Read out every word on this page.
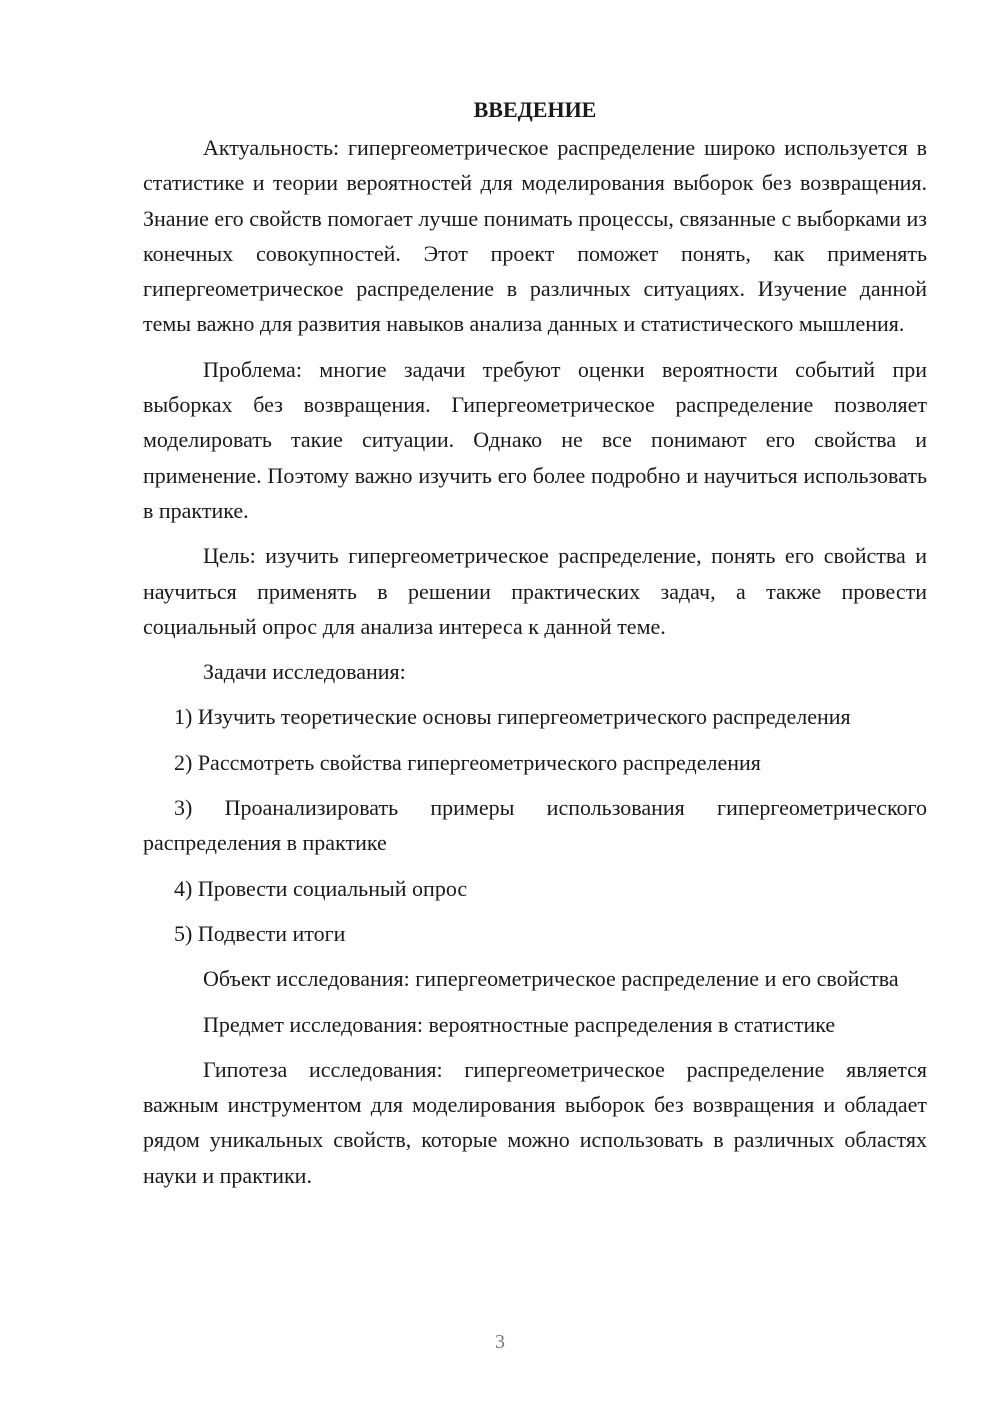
ВВЕДЕНИЕ

Актуальность: гипергеометрическое распределение широко используется в статистике и теории вероятностей для моделирования выборок без возвращения. Знание его свойств помогает лучше понимать процессы, связанные с выборками из конечных совокупностей. Этот проект поможет понять, как применять гипергеометрическое распределение в различных ситуациях. Изучение данной темы важно для развития навыков анализа данных и статистического мышления.

Проблема: многие задачи требуют оценки вероятности событий при выборках без возвращения. Гипергеометрическое распределение позволяет моделировать такие ситуации. Однако не все понимают его свойства и применение. Поэтому важно изучить его более подробно и научиться использовать в практике.

Цель: изучить гипергеометрическое распределение, понять его свойства и научиться применять в решении практических задач, а также провести социальный опрос для анализа интереса к данной теме.

Задачи исследования:

1) Изучить теоретические основы гипергеометрического распределения

2) Рассмотреть свойства гипергеометрического распределения

3) Проанализировать примеры использования гипергеометрического распределения в практике

4) Провести социальный опрос

5) Подвести итоги

Объект исследования: гипергеометрическое распределение и его свойства

Предмет исследования: вероятностные распределения в статистике

Гипотеза исследования: гипергеометрическое распределение является важным инструментом для моделирования выборок без возвращения и обладает рядом уникальных свойств, которые можно использовать в различных областях науки и практики.

3
